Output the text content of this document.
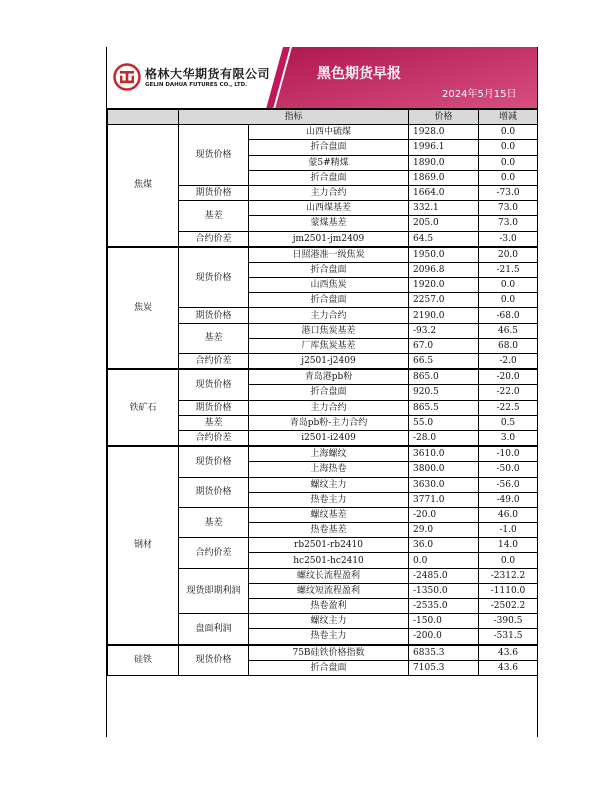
格林大华期货有限公司
GELIN DAHUA FUTURES CO., LTD.
黑色期货早报
2024年5月15日
	指标		价格	增减
焦煤	现货价格	山西中硫煤	1928.0	0.0
		折合盘面	1996.1	0.0
		蒙5#精煤	1890.0	0.0
		折合盘面	1869.0	0.0
	期货价格	主力合约	1664.0	-73.0
	基差	山西煤基差	332.1	73.0
		蒙煤基差	205.0	73.0
	合约价差	jm2501-jm2409	64.5	-3.0
焦炭	现货价格	日照港准一级焦炭	1950.0	20.0
		折合盘面	2096.8	-21.5
		山西焦炭	1920.0	0.0
		折合盘面	2257.0	0.0
	期货价格	主力合约	2190.0	-68.0
	基差	港口焦炭基差	-93.2	46.5
		厂库焦炭基差	67.0	68.0
	合约价差	j2501-j2409	66.5	-2.0
铁矿石	现货价格	青岛港pb粉	865.0	-20.0
		折合盘面	920.5	-22.0
	期货价格	主力合约	865.5	-22.5
	基差	青岛pb粉-主力合约	55.0	0.5
	合约价差	i2501-i2409	-28.0	3.0
钢材	现货价格	上海螺纹	3610.0	-10.0
		上海热卷	3800.0	-50.0
	期货价格	螺纹主力	3630.0	-56.0
		热卷主力	3771.0	-49.0
	基差	螺纹基差	-20.0	46.0
		热卷基差	29.0	-1.0
	合约价差	rb2501-rb2410	36.0	14.0
		hc2501-hc2410	0.0	0.0
	现货即期利润	螺纹长流程盈利	-2485.0	-2312.2
		螺纹短流程盈利	-1350.0	-1110.0
		热卷盈利	-2535.0	-2502.2
	盘面利润	螺纹主力	-150.0	-390.5
		热卷主力	-200.0	-531.5
硅铁	现货价格	75B硅铁价格指数	6835.3	43.6
		折合盘面	7105.3	43.6
